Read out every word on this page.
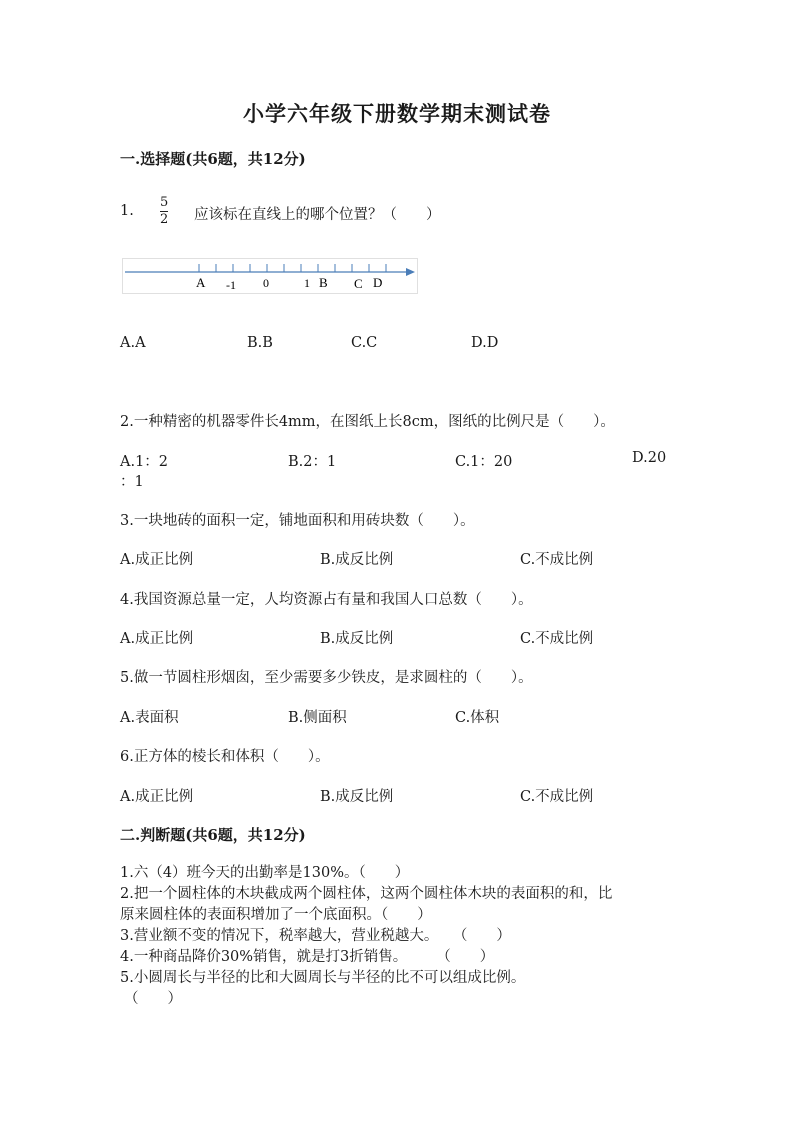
小学六年级下册数学期末测试卷
一.选择题(共6题，共12分)
1.
5
2 应该标在直线上的哪个位置？（　　）
A -1 0	1 B C D
A.A	B.B	C.C	D.D
2.一种精密的机器零件长4mm，在图纸上长8cm，图纸的比例尺是（　　）。
A.1：2	B.2：1	C.1：20	D.20
：1
3.一块地砖的面积一定，铺地面积和用砖块数（　　）。
A.成正比例	B.成反比例	C.不成比例
4.我国资源总量一定，人均资源占有量和我国人口总数（　　）。
A.成正比例	B.成反比例	C.不成比例
5.做一节圆柱形烟囱，至少需要多少铁皮，是求圆柱的（　　）。
A.表面积	B.侧面积	C.体积
6.正方体的棱长和体积（　　）。
A.成正比例	B.成反比例	C.不成比例
二.判断题(共6题，共12分)
1.六（4）班今天的出勤率是130%。（　　）
2.把一个圆柱体的木块截成两个圆柱体，这两个圆柱体木块的表面积的和，比
原来圆柱体的表面积增加了一个底面积。（　　）
3.营业额不变的情况下，税率越大，营业税越大。　　（　　）
4.一种商品降价30%销售，就是打3折销售。　　　（　　）
5.小圆周长与半径的比和大圆周长与半径的比不可以组成比例。
（　　）
